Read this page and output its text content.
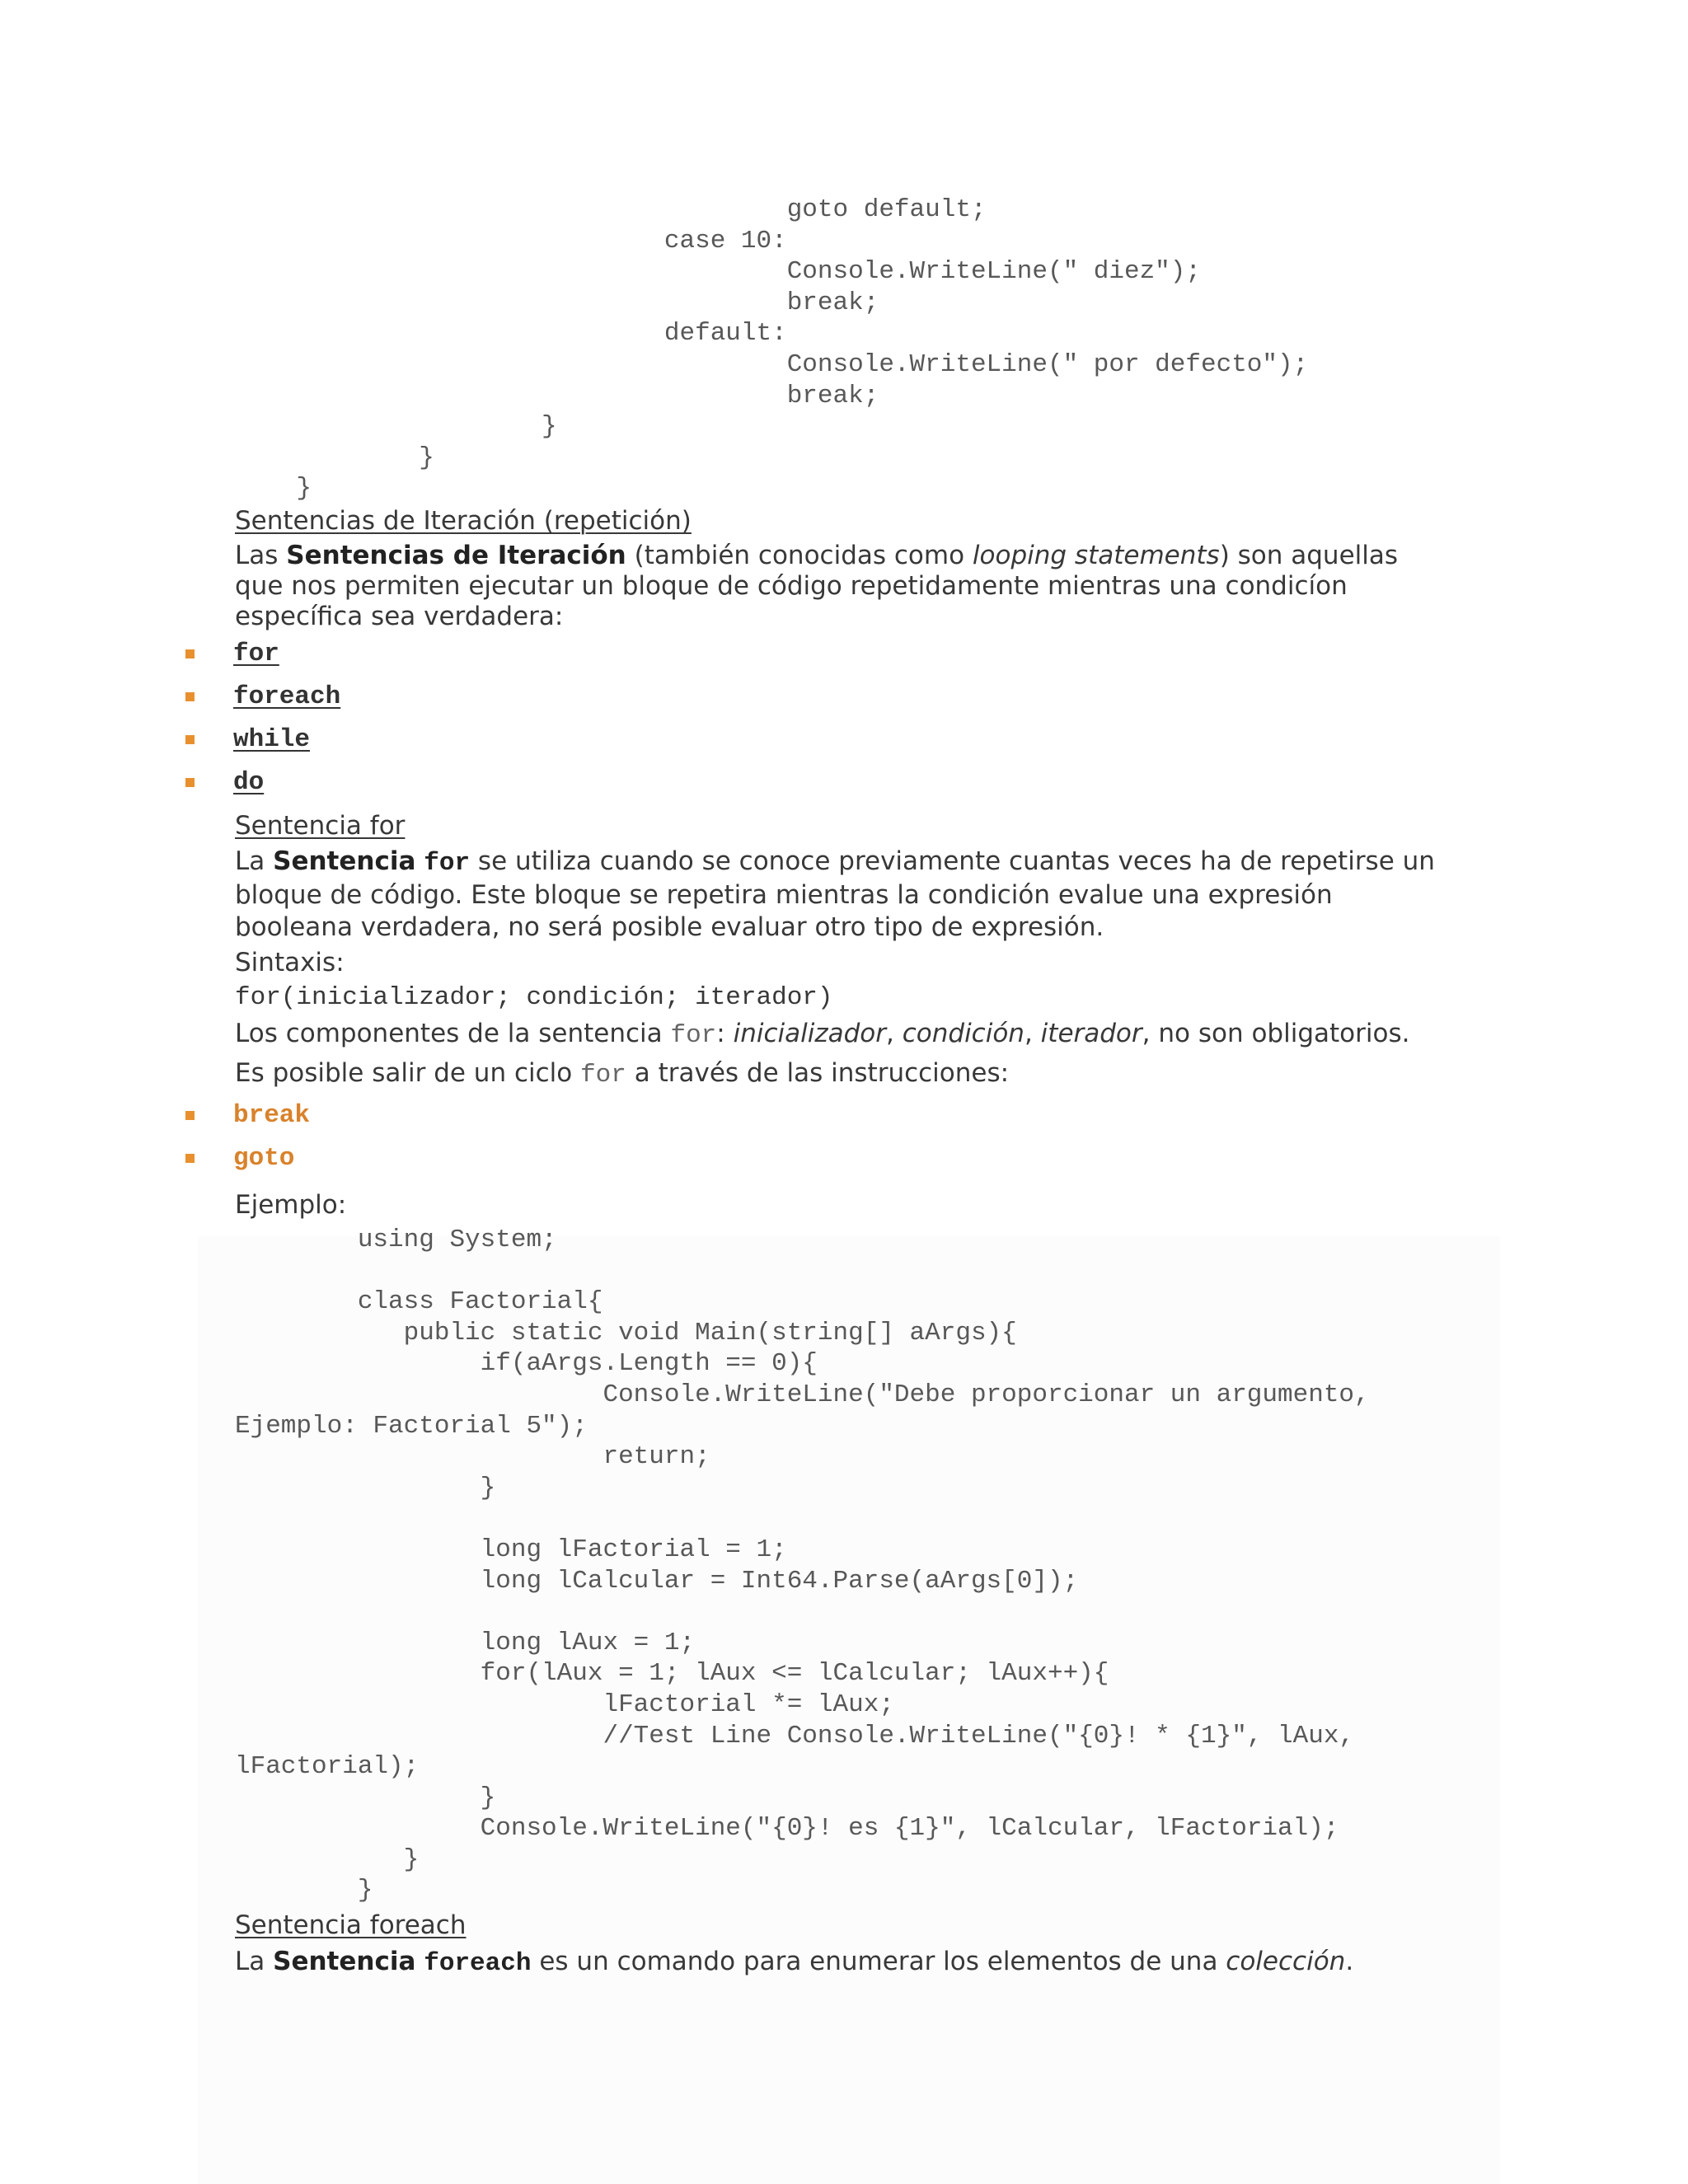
goto default;
case 10:
Console.WriteLine(" diez");
break;
default:
Console.WriteLine(" por defecto");
break;
}
}
}

Sentencias de Iteración (repetición)

Las Sentencias de Iteración (también conocidas como looping statements) son aquellas que nos permiten ejecutar un bloque de código repetidamente mientras una condicíon específica sea verdadera:

for
foreach
while
do

Sentencia for

La Sentencia for se utiliza cuando se conoce previamente cuantas veces ha de repetirse un bloque de código. Este bloque se repetira mientras la condición evalue una expresión booleana verdadera, no será posible evaluar otro tipo de expresión.

Sintaxis:

for(inicializador; condición; iterador)

Los componentes de la sentencia for: inicializador, condición, iterador, no son obligatorios.

Es posible salir de un ciclo for a través de las instrucciones:

break
goto

Ejemplo:

using System;

class Factorial{
public static void Main(string[] aArgs){
if(aArgs.Length == 0){
Console.WriteLine("Debe proporcionar un argumento,
Ejemplo: Factorial 5");
return;
}

long lFactorial = 1;
long lCalcular = Int64.Parse(aArgs[0]);

long lAux = 1;
for(lAux = 1; lAux <= lCalcular; lAux++){
lFactorial *= lAux;
//Test Line Console.WriteLine("{0}! * {1}", lAux,
lFactorial);
}
Console.WriteLine("{0}! es {1}", lCalcular, lFactorial);
}
}

Sentencia foreach

La Sentencia foreach es un comando para enumerar los elementos de una colección.
